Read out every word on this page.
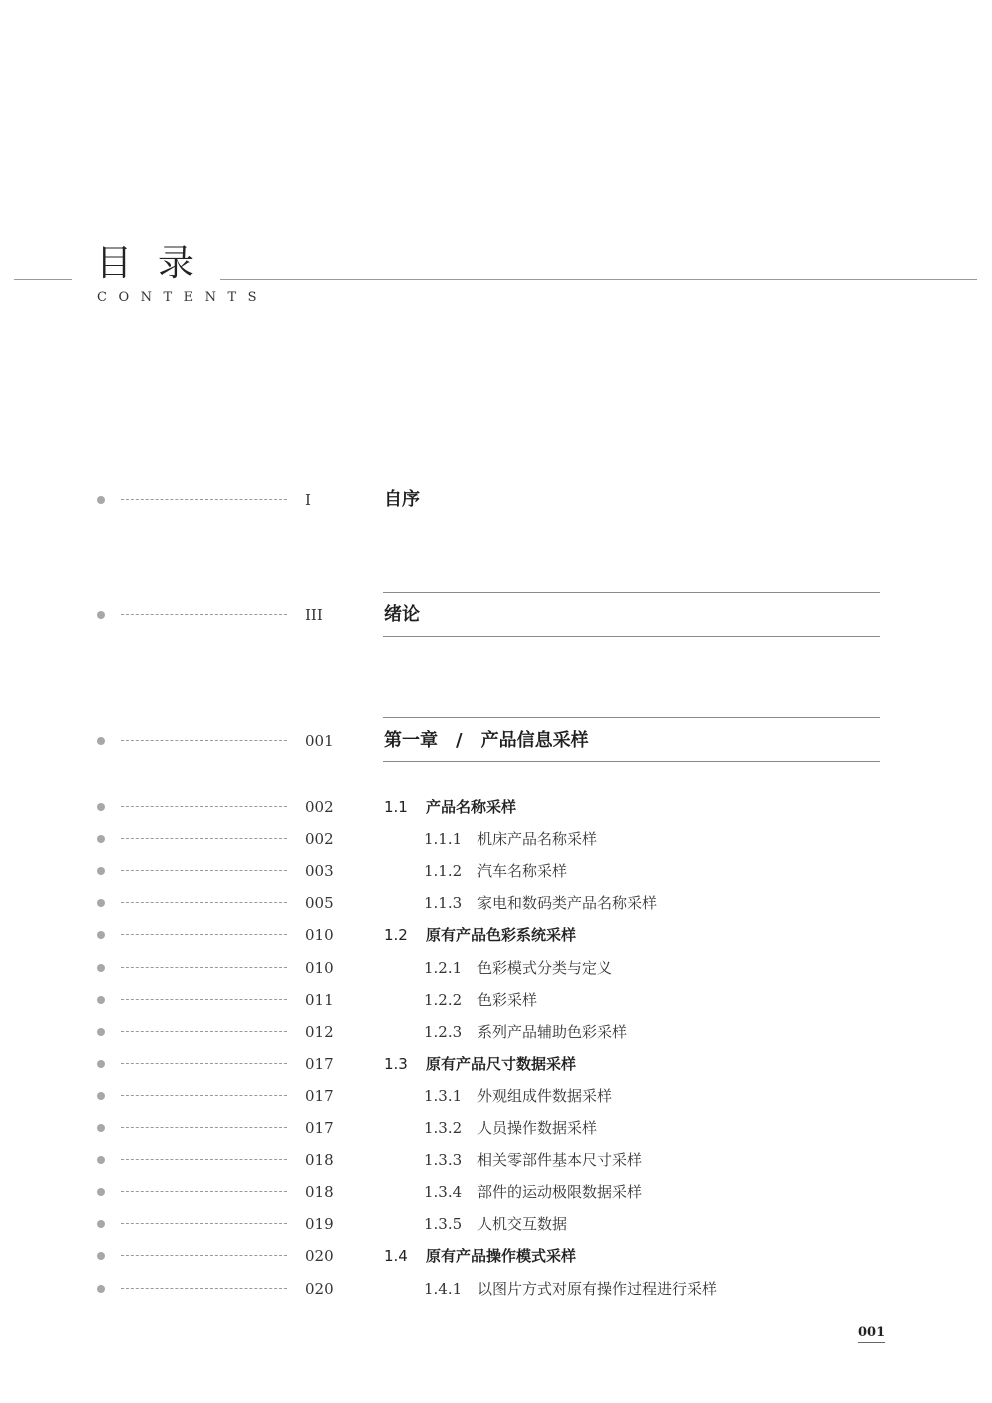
目录
CONTENTS
I	自序
III	绪论
001	第一章　/　产品信息采样
002	1.1 产品名称采样
002	1.1.1 机床产品名称采样
003	1.1.2 汽车名称采样
005	1.1.3 家电和数码类产品名称采样
010	1.2 原有产品色彩系统采样
010	1.2.1 色彩模式分类与定义
011	1.2.2 色彩采样
012	1.2.3 系列产品辅助色彩采样
017	1.3 原有产品尺寸数据采样
017	1.3.1 外观组成件数据采样
017	1.3.2 人员操作数据采样
018	1.3.3 相关零部件基本尺寸采样
018	1.3.4 部件的运动极限数据采样
019	1.3.5 人机交互数据
020	1.4 原有产品操作模式采样
020	1.4.1 以图片方式对原有操作过程进行采样
001
